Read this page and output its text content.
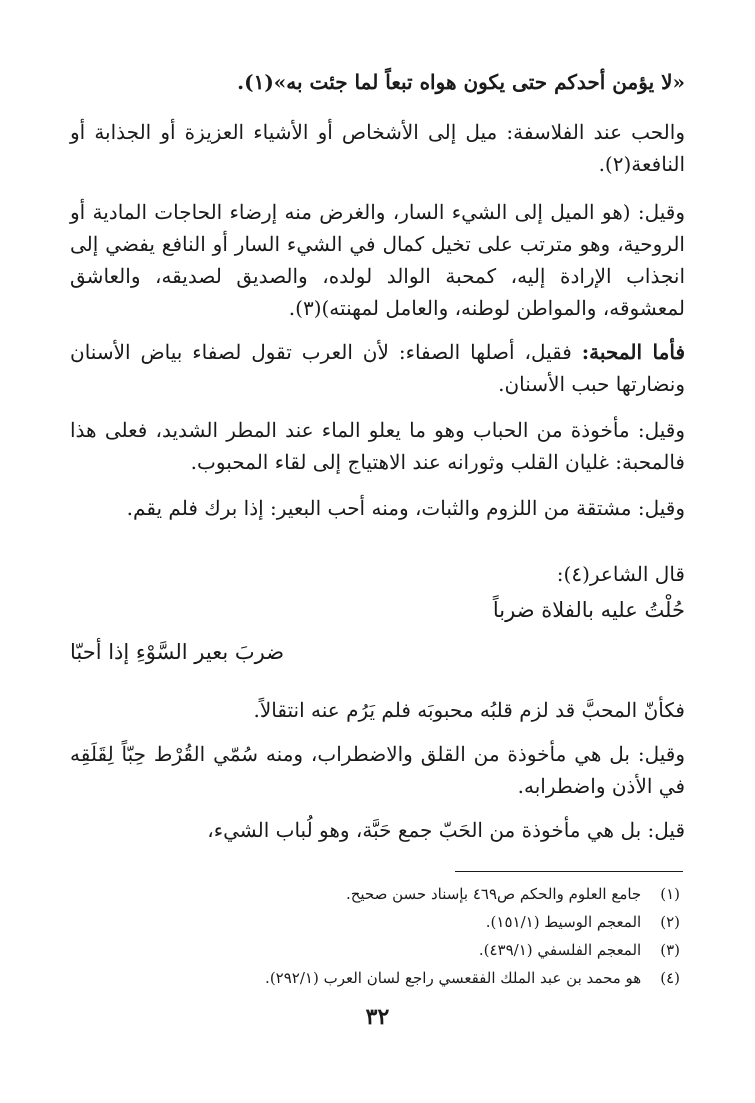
«لا يؤمن أحدكم حتى يكون هواه تبعاً لما جئت به»(١).

والحب عند الفلاسفة: ميل إلى الأشخاص أو الأشياء العزيزة أو الجذابة أو النافعة(٢).

وقيل: (هو الميل إلى الشيء السار، والغرض منه إرضاء الحاجات المادية أو الروحية، وهو مترتب على تخيل كمال في الشيء السار أو النافع يفضي إلى انجذاب الإرادة إليه، كمحبة الوالد لولده، والصديق لصديقه، والعاشق لمعشوقه، والمواطن لوطنه، والعامل لمهنته)(٣).

فأما المحبة: فقيل، أصلها الصفاء: لأن العرب تقول لصفاء بياض الأسنان ونضارتها حبب الأسنان.

وقيل: مأخوذة من الحباب وهو ما يعلو الماء عند المطر الشديد، فعلى هذا فالمحبة: غليان القلب وثورانه عند الاهتياج إلى لقاء المحبوب.

وقيل: مشتقة من اللزوم والثبات، ومنه أحب البعير: إذا برك فلم يقم.

قال الشاعر(٤):

حُلْتُ عليه بالفلاة ضرباً
ضربَ بعير السَّوْءِ إذا أحبّا

فكأنّ المحبَّ قد لزم قلبُه محبوبَه فلم يَرُم عنه انتقالاً.

وقيل: بل هي مأخوذة من القلق والاضطراب، ومنه سُمّي القُرْط حِبّاً لِقَلَقِه في الأذن واضطرابه.

قيل: بل هي مأخوذة من الحَبّ جمع حَبَّة، وهو لُباب الشيء،

(١) جامع العلوم والحكم ص٤٦٩ بإسناد حسن صحيح.
(٢) المعجم الوسيط (١٥١/١).
(٣) المعجم الفلسفي (٤٣٩/١).
(٤) هو محمد بن عبد الملك الفقعسي راجع لسان العرب (٢٩٢/١).
٣٢
